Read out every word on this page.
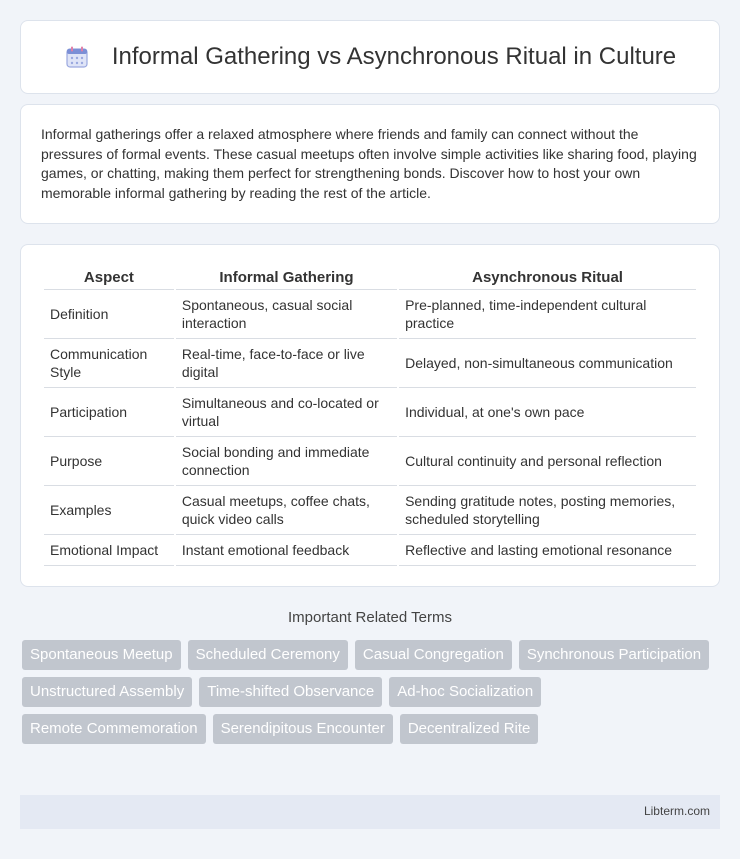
Informal Gathering vs Asynchronous Ritual in Culture

Informal gatherings offer a relaxed atmosphere where friends and family can connect without the pressures of formal events. These casual meetups often involve simple activities like sharing food, playing games, or chatting, making them perfect for strengthening bonds. Discover how to host your own memorable informal gathering by reading the rest of the article.

Aspect	Informal Gathering	Asynchronous Ritual
Definition	Spontaneous, casual social interaction	Pre-planned, time-independent cultural practice
Communication Style	Real-time, face-to-face or live digital	Delayed, non-simultaneous communication
Participation	Simultaneous and co-located or virtual	Individual, at one's own pace
Purpose	Social bonding and immediate connection	Cultural continuity and personal reflection
Examples	Casual meetups, coffee chats, quick video calls	Sending gratitude notes, posting memories, scheduled storytelling
Emotional Impact	Instant emotional feedback	Reflective and lasting emotional resonance
Important Related Terms
Spontaneous Meetup	Scheduled Ceremony	Casual Congregation	Synchronous Participation
Unstructured Assembly	Time-shifted Observance	Ad-hoc Socialization
Remote Commemoration	Serendipitous Encounter	Decentralized Rite
Libterm.com
